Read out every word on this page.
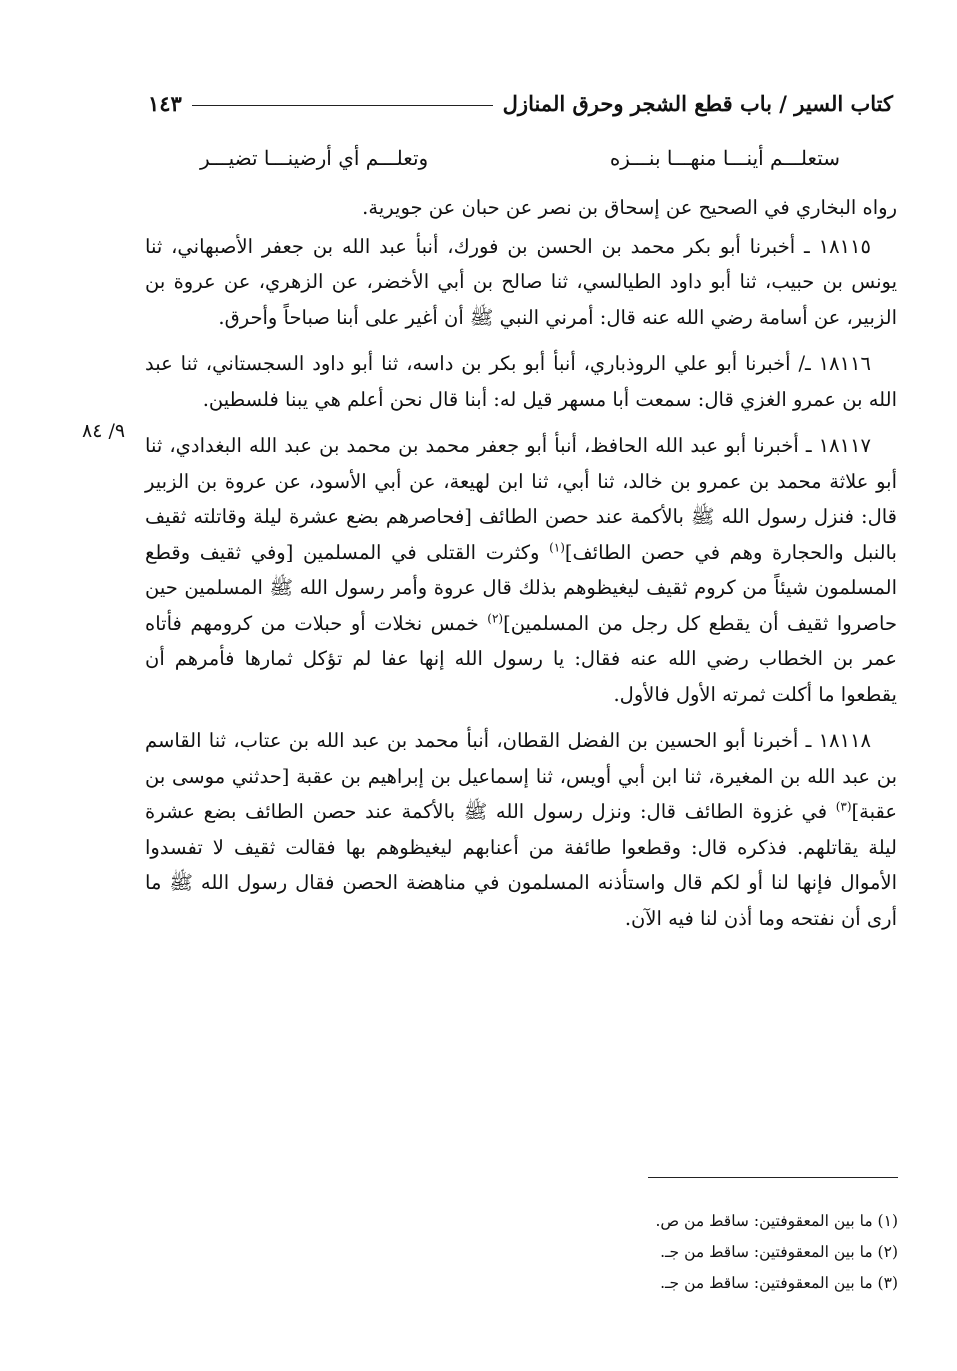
كتاب السير / باب قطع الشجر وحرق المنازل
١٤٣
ستعلـــم أينـــا منهـــا بنـــزه
وتعلـــم أي أرضينـــا تضيـــر
٩/ ٨٤

رواه البخاري في الصحيح عن إسحاق بن نصر عن حبان عن جويرية.

١٨١١٥ ـ أخبرنا أبو بكر محمد بن الحسن بن فورك، أنبأ عبد الله بن جعفر الأصبهاني، ثنا يونس بن حبيب، ثنا أبو داود الطيالسي، ثنا صالح بن أبي الأخضر، عن الزهري، عن عروة بن الزبير، عن أسامة رضي الله عنه قال: أمرني النبي ﷺ أن أغير على أبنا صباحاً وأحرق.

١٨١١٦ ـ/ أخبرنا أبو علي الروذباري، أنبأ أبو بكر بن داسه، ثنا أبو داود السجستاني، ثنا عبد الله بن عمرو الغزي قال: سمعت أبا مسهر قيل له: أبنا قال نحن أعلم هي يبنا فلسطين.

١٨١١٧ ـ أخبرنا أبو عبد الله الحافظ، أنبأ أبو جعفر محمد بن محمد بن عبد الله البغدادي، ثنا أبو علاثة محمد بن عمرو بن خالد، ثنا أبي، ثنا ابن لهيعة، عن أبي الأسود، عن عروة بن الزبير قال: فنزل رسول الله ﷺ بالأكمة عند حصن الطائف [فحاصرهم بضع عشرة ليلة وقاتلته ثقيف بالنبل والحجارة وهم في حصن الطائف]$^{(١)}$ وكثرت القتلى في المسلمين [وفي ثقيف وقطع المسلمون شيئاً من كروم ثقيف ليغيظوهم بذلك قال عروة وأمر رسول الله ﷺ المسلمين حين حاصروا ثقيف أن يقطع كل رجل من المسلمين]$^{(٢)}$ خمس نخلات أو حبلات من كرومهم فأتاه عمر بن الخطاب رضي الله عنه فقال: يا رسول الله إنها عفا لم تؤكل ثمارها فأمرهم أن يقطعوا ما أكلت ثمرته الأول فالأول.

١٨١١٨ ـ أخبرنا أبو الحسين بن الفضل القطان، أنبأ محمد بن عبد الله بن عتاب، ثنا القاسم بن عبد الله بن المغيرة، ثنا ابن أبي أويس، ثنا إسماعيل بن إبراهيم بن عقبة [حدثني موسى بن عقبة]$^{(٣)}$ في غزوة الطائف قال: ونزل رسول الله ﷺ بالأكمة عند حصن الطائف بضع عشرة ليلة يقاتلهم. فذكره قال: وقطعوا طائفة من أعنابهم ليغيظوهم بها فقالت ثقيف لا تفسدوا الأموال فإنها لنا أو لكم قال واستأذنه المسلمون في مناهضة الحصن فقال رسول الله ﷺ ما أرى أن نفتحه وما أذن لنا فيه الآن.

(١) ما بين المعقوفتين: ساقط من ص.
(٢) ما بين المعقوفتين: ساقط من جـ.
(٣) ما بين المعقوفتين: ساقط من جـ.
